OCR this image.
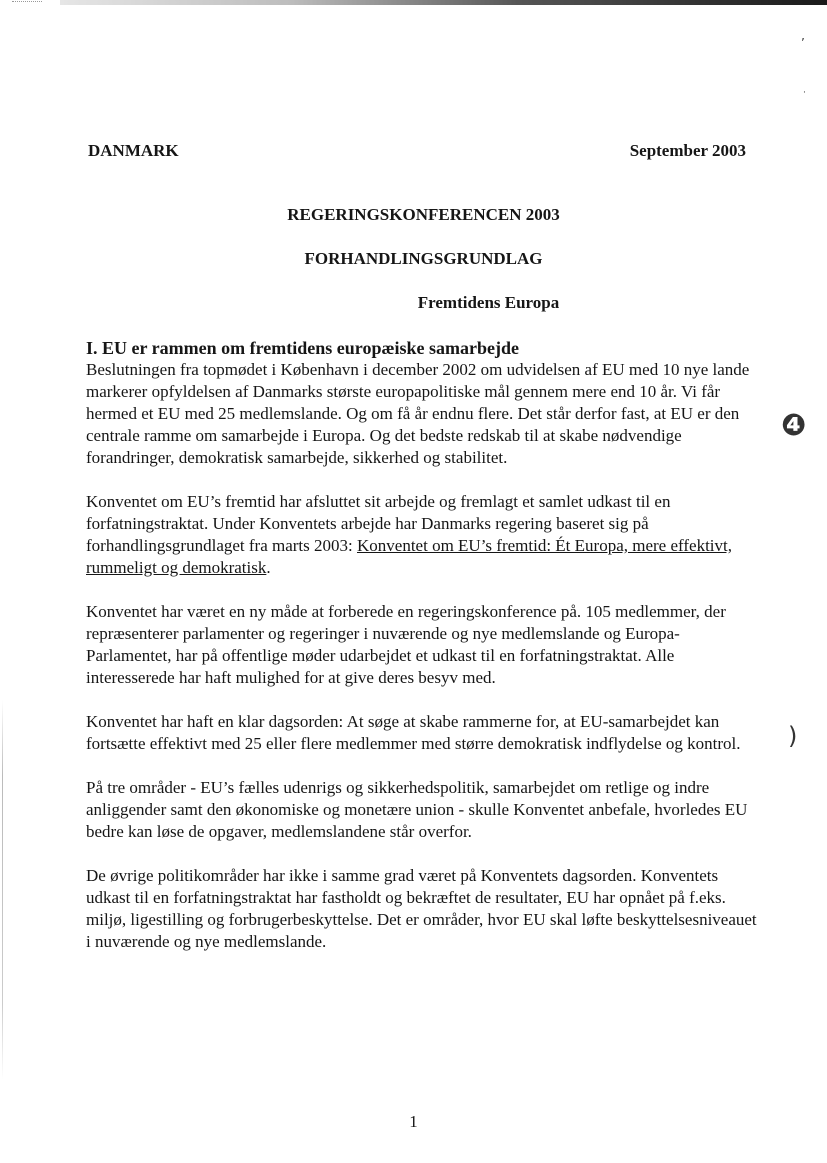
’
‧
❹
)
DANMARK	September 2003
REGERINGSKONFERENCEN 2003
FORHANDLINGSGRUNDLAG
Fremtidens Europa
I. EU er rammen om fremtidens europæiske samarbejde

Beslutningen fra topmødet i København i december 2002 om udvidelsen af EU med 10 nye lande markerer opfyldelsen af Danmarks største europapolitiske mål gennem mere end 10 år. Vi får hermed et EU med 25 medlemslande. Og om få år endnu flere. Det står derfor fast, at EU er den centrale ramme om samarbejde i Europa. Og det bedste redskab til at skabe nødvendige forandringer, demokratisk samarbejde, sikkerhed og stabilitet.

Konventet om EU’s fremtid har afsluttet sit arbejde og fremlagt et samlet udkast til en forfatningstraktat. Under Konventets arbejde har Danmarks regering baseret sig på forhandlingsgrundlaget fra marts 2003: Konventet om EU’s fremtid: Ét Europa, mere effektivt, rummeligt og demokratisk.

Konventet har været en ny måde at forberede en regeringskonference på. 105 medlemmer, der repræsenterer parlamenter og regeringer i nuværende og nye medlemslande og Europa-Parlamentet, har på offentlige møder udarbejdet et udkast til en forfatningstraktat. Alle interesserede har haft mulighed for at give deres besyv med.

Konventet har haft en klar dagsorden: At søge at skabe rammerne for, at EU-samarbejdet kan fortsætte effektivt med 25 eller flere medlemmer med større demokratisk indflydelse og kontrol.

På tre områder - EU’s fælles udenrigs og sikkerhedspolitik, samarbejdet om retlige og indre anliggender samt den økonomiske og monetære union - skulle Konventet anbefale, hvorledes EU bedre kan løse de opgaver, medlemslandene står overfor.

De øvrige politikområder har ikke i samme grad været på Konventets dagsorden. Konventets udkast til en forfatningstraktat har fastholdt og bekræftet de resultater, EU har opnået på f.eks. miljø, ligestilling og forbrugerbeskyttelse. Det er områder, hvor EU skal løfte beskyttelsesniveauet i nuværende og nye medlemslande.

1
